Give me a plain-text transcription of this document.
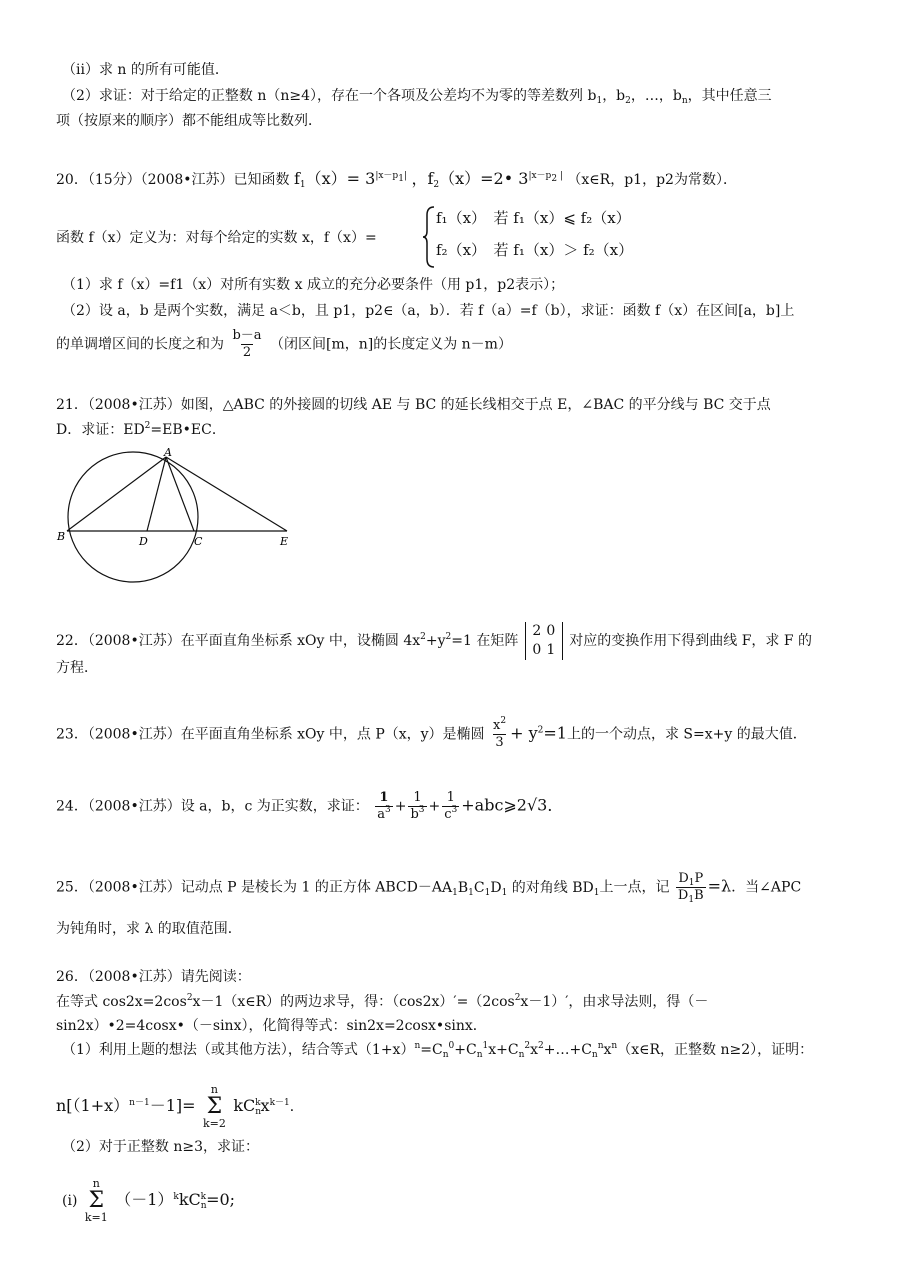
（ii）求 n 的所有可能值．
（2）求证：对于给定的正整数 n（n≥4），存在一个各项及公差均不为零的等差数列 $b_1$，$b_2$，…，$b_n$，其中任意三
项（按原来的顺序）都不能组成等比数列．
20．（15分）（2008•江苏）已知函数 $f_1(x)= 3^{|x-p1|}$ ，$f_2(x)=2•$ $3^{|x-p2}$ | （x∈R，p1，p2为常数）．
函数 f（x）定义为：对每个给定的实数 x，f（x）=
f₁（x）　若 f₁（x）⩽ f₂（x）
f₂（x）　若 f₁（x）＞ f₂（x）
（1）求 f（x）=f1（x）对所有实数 x 成立的充分必要条件（用 p1，p2表示）；
（2）设 a，b 是两个实数，满足 a＜b，且 p1，p2∈（a，b）．若 f（a）=f（b），求证：函数 f（x）在区间[a，b]上
的单调增区间的长度之和为 $\frac{b-a}{2}$ （闭区间[m，n]的长度定义为 n－m）
21．（2008•江苏）如图，△ABC 的外接圆的切线 AE 与 BC 的延长线相交于点 E，∠BAC 的平分线与 BC 交于点
D．求证：$ED^2=EB•EC$．
A
B	D	C	E
22．（2008•江苏）在平面直角坐标系 xOy 中，设椭圆 $4x^2+y^2=1$ 在矩阵 2 0
0 1 对应的变换作用下得到曲线 F，求 F 的
方程．
23．（2008•江苏）在平面直角坐标系 xOy 中，点 P（x，y）是椭圆 $\frac{x^2}{3} + y^2=1$上的一个动点，求 S=x+y 的最大值．
24．（2008•江苏）设 a，b，c 为正实数，求证： $\frac{1}{a^3} + \frac{1}{b^3} + \frac{1}{c^3}$ +abc⩾2√3．
25．（2008•江苏）记动点 P 是棱长为 1 的正方体 $ABCD-AA_1B_1C_1D_1$ 的对角线 $BD_1$上一点，记 $\frac{D_1P}{D_1B} =\lambda$．当∠APC
为钝角时，求 λ 的取值范围．
26．（2008•江苏）请先阅读：
在等式 $\cos 2x=2\cos^2x-1(x\in R)$的两边求导，得：$(\cos 2x)'=(2\cos^2x-1)'$，由求导法则，得（－
sin2x）•2=4cosx•（－sinx），化简得等式：sin2x=2cosx•sinx．
（1）利用上题的想法（或其他方法），结合等式$(1+x)^n=C_n^0+C_n^1x+C_n^2x^2+\dots+C_n^nx^n(x\in R$，正整数 n≥2），证明：
$n[(1+x)^{n-1}-1]=$
n
Σ
k=2
$kC_n^kx^{k-1}$．
（2）对于正整数 n≥3，求证：
(i)
n
Σ
k=1
$(-1)^kkC_n^k=0$;
